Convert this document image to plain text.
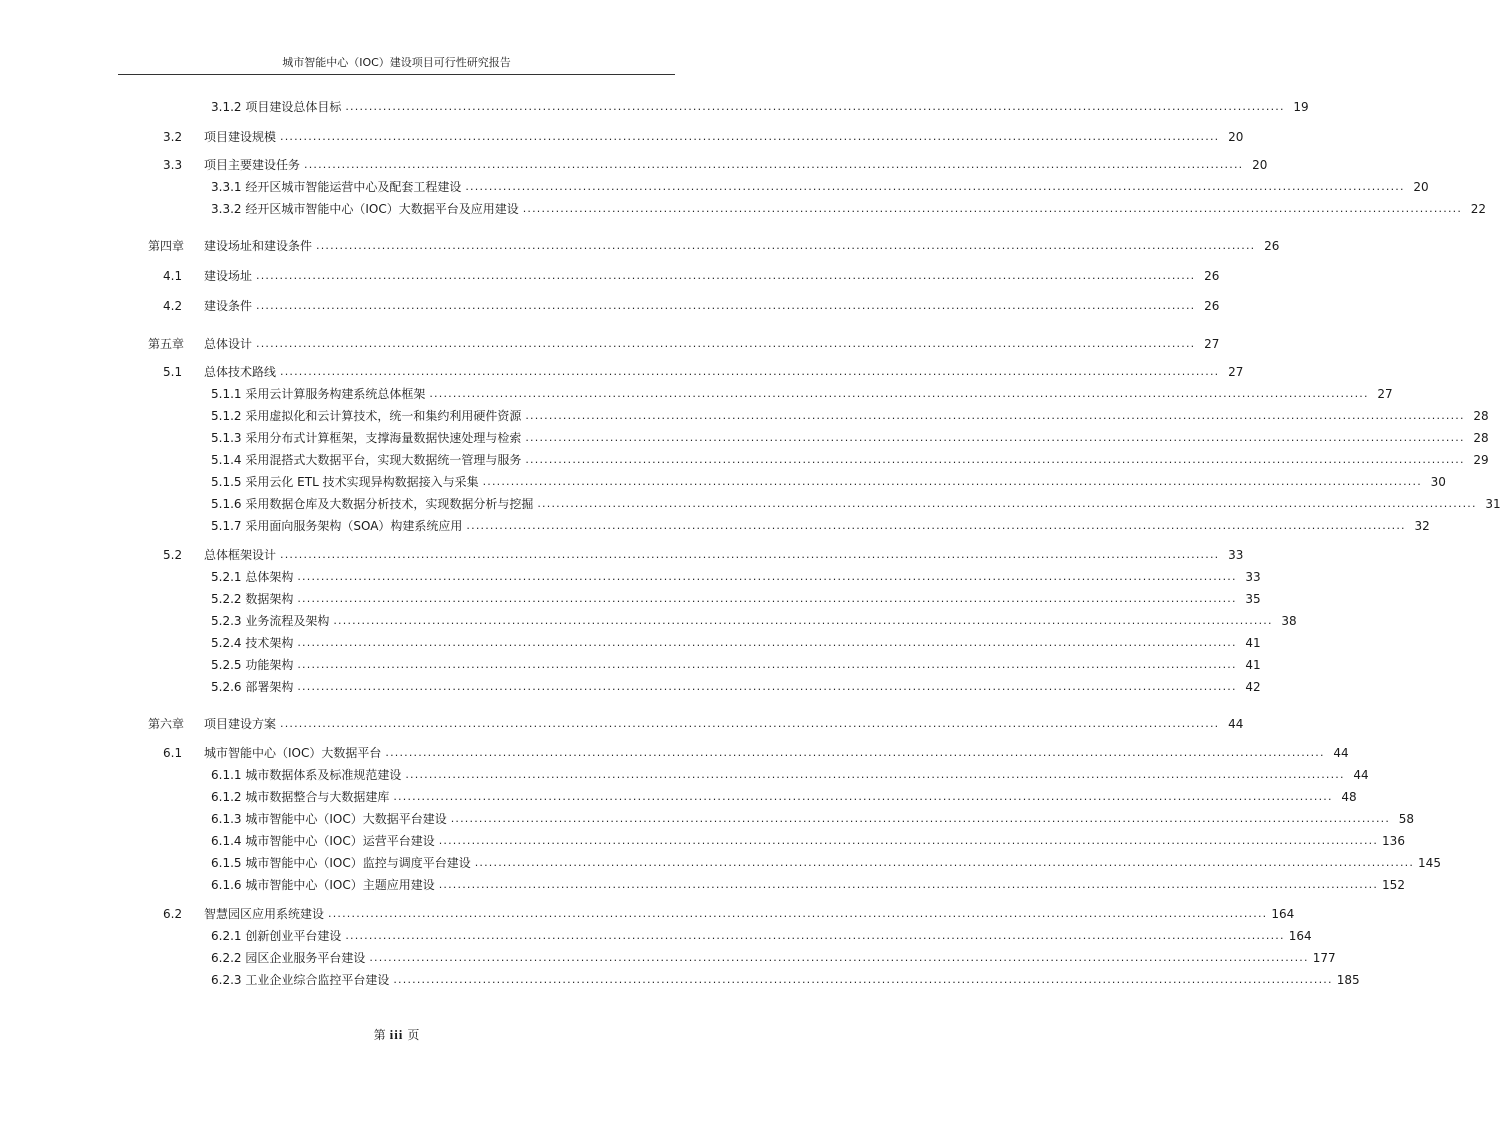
城市智能中心（IOC）建设项目可行性研究报告
3.1.2 项目建设总体目标 ........................................................................................................................................................................................................ 19
3.2 项目建设规模 ........................................................................................................................................................................................................ 20
3.3 项目主要建设任务 ........................................................................................................................................................................................................ 20
3.3.1 经开区城市智能运营中心及配套工程建设 ........................................................................................................................................................................................................ 20
3.3.2 经开区城市智能中心（IOC）大数据平台及应用建设 ........................................................................................................................................................................................................ 22
第四章 建设场址和建设条件 ........................................................................................................................................................................................................ 26
4.1 建设场址 ........................................................................................................................................................................................................ 26
4.2 建设条件 ........................................................................................................................................................................................................ 26
第五章 总体设计 ........................................................................................................................................................................................................ 27
5.1 总体技术路线 ........................................................................................................................................................................................................ 27
5.1.1 采用云计算服务构建系统总体框架 ........................................................................................................................................................................................................ 27
5.1.2 采用虚拟化和云计算技术，统一和集约利用硬件资源 ........................................................................................................................................................................................................ 28
5.1.3 采用分布式计算框架，支撑海量数据快速处理与检索 ........................................................................................................................................................................................................ 28
5.1.4 采用混搭式大数据平台，实现大数据统一管理与服务 ........................................................................................................................................................................................................ 29
5.1.5 采用云化 ETL 技术实现异构数据接入与采集 ........................................................................................................................................................................................................ 30
5.1.6 采用数据仓库及大数据分析技术，实现数据分析与挖掘 ........................................................................................................................................................................................................ 31
5.1.7 采用面向服务架构（SOA）构建系统应用 ........................................................................................................................................................................................................ 32
5.2 总体框架设计 ........................................................................................................................................................................................................ 33
5.2.1 总体架构 ........................................................................................................................................................................................................ 33
5.2.2 数据架构 ........................................................................................................................................................................................................ 35
5.2.3 业务流程及架构 ........................................................................................................................................................................................................ 38
5.2.4 技术架构 ........................................................................................................................................................................................................ 41
5.2.5 功能架构 ........................................................................................................................................................................................................ 41
5.2.6 部署架构 ........................................................................................................................................................................................................ 42
第六章 项目建设方案 ........................................................................................................................................................................................................ 44
6.1 城市智能中心（IOC）大数据平台 ........................................................................................................................................................................................................ 44
6.1.1 城市数据体系及标准规范建设 ........................................................................................................................................................................................................ 44
6.1.2 城市数据整合与大数据建库 ........................................................................................................................................................................................................ 48
6.1.3 城市智能中心（IOC）大数据平台建设 ........................................................................................................................................................................................................ 58
6.1.4 城市智能中心（IOC）运营平台建设 ........................................................................................................................................................................................................ 136
6.1.5 城市智能中心（IOC）监控与调度平台建设 ........................................................................................................................................................................................................ 145
6.1.6 城市智能中心（IOC）主题应用建设 ........................................................................................................................................................................................................ 152
6.2 智慧园区应用系统建设 ........................................................................................................................................................................................................ 164
6.2.1 创新创业平台建设 ........................................................................................................................................................................................................ 164
6.2.2 园区企业服务平台建设 ........................................................................................................................................................................................................ 177
6.2.3 工业企业综合监控平台建设 ........................................................................................................................................................................................................ 185
第 iii 页
